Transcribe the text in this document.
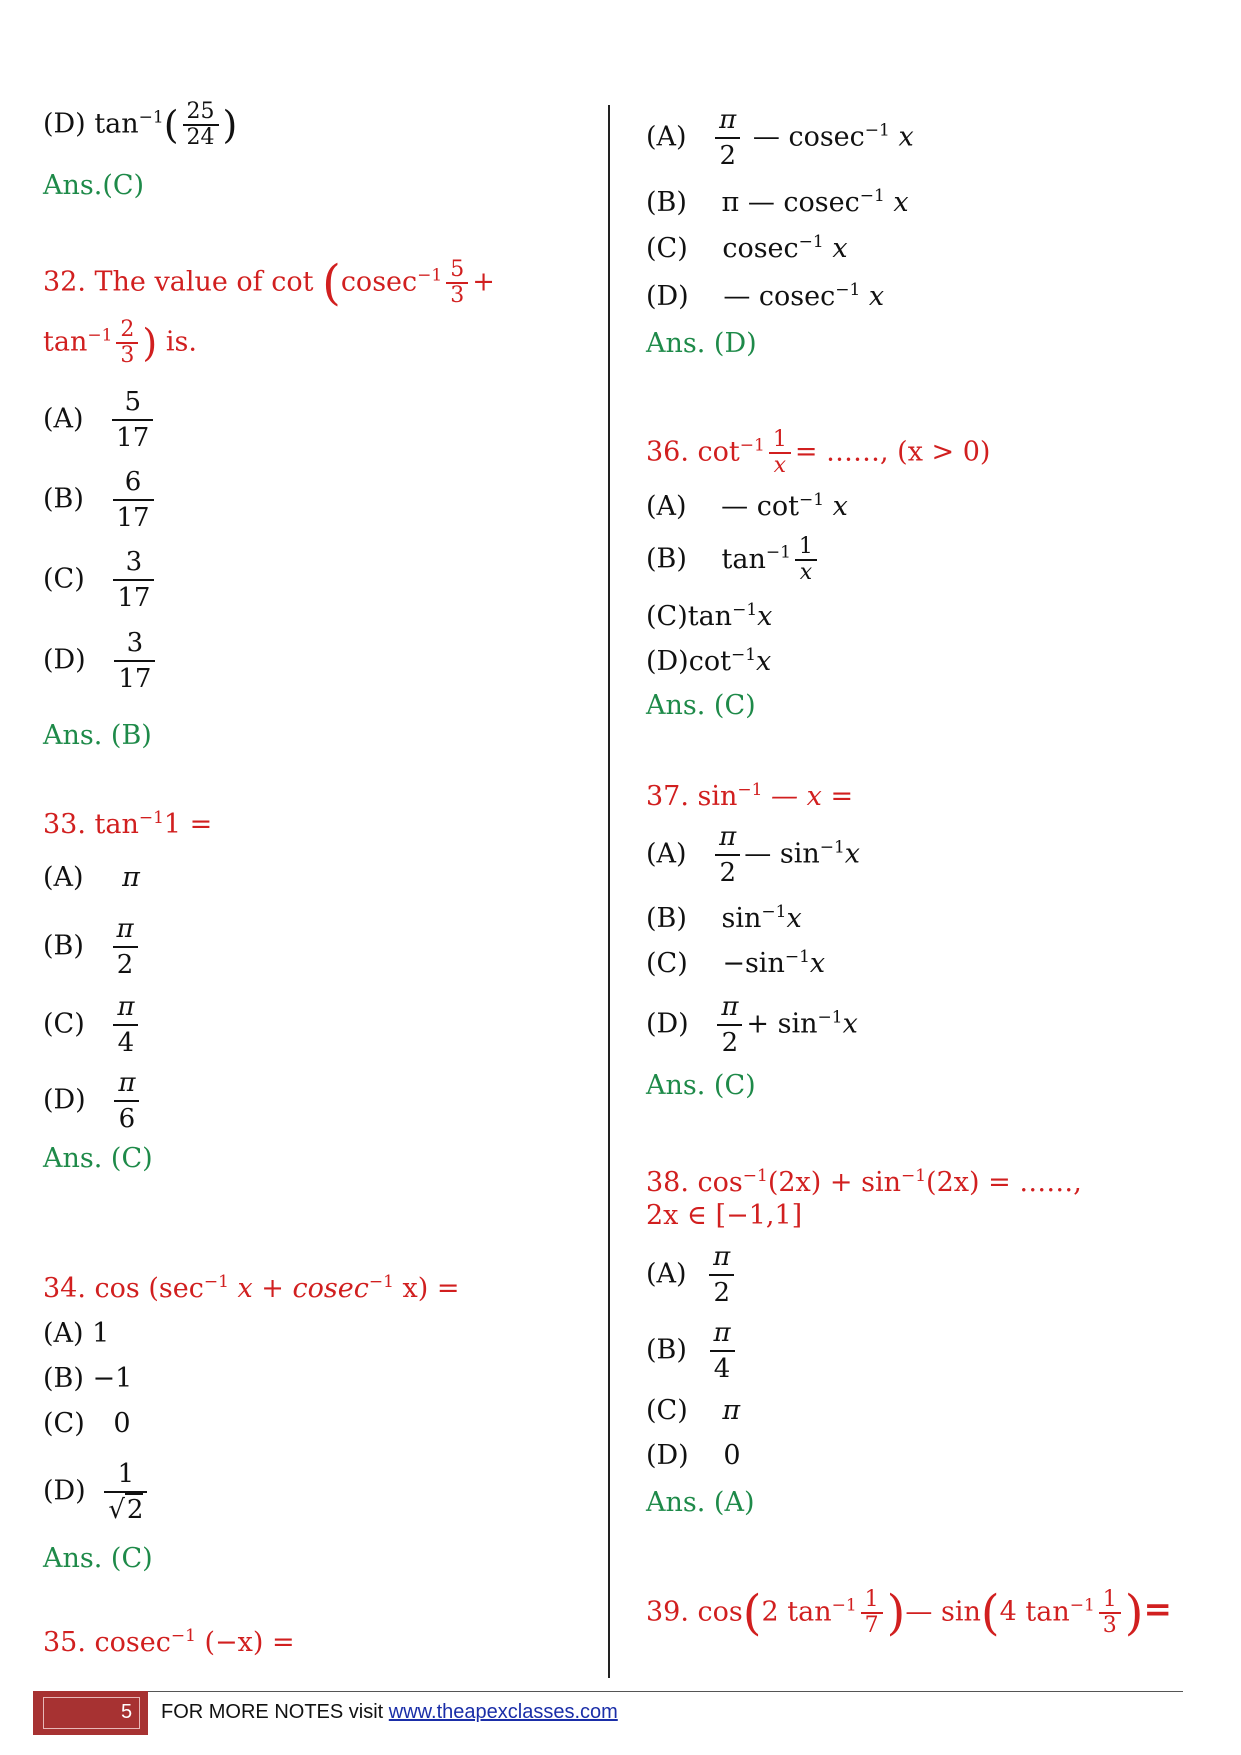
(D) $\tan^{-1}( \frac{25}{24}$ )
Ans.(C)
32. The value of $\cot (cosec^{-1} \frac{5}{3}$ +
$\tan^{-1} \frac{2}{3}$ ) is.
$(A) \frac{5}{17}$
$(B) \frac{6}{17}$
$(C) \frac{3}{17}$
$(D) \frac{3}{17}$
Ans. (B)
33. $\tan^{-1}1$ =
(A) π
$(B) \frac{\pi}{2}$
$(C) \frac{\pi}{4}$
$(D) \frac{\pi}{6}$
Ans. (C)
34. $\cos (\sec^{-1}$ x + cosec$^{-1}$ x) =
(A) 1
(B) −1
(C) 0
$(D) \frac{1}{√2}$
Ans. (C)
35. cosec$^{-1}$ (−x) =
$(A) \frac{\pi}{2}$ — cosec$^{-1}$ x
(B) π — cosec$^{-1}$ x
(C) cosec$^{-1}$ x
(D) — cosec$^{-1}$ x
Ans. (D)
36. $\cot^{-1} \frac{1}{x}$ = ……, (x > 0)
(A) — $\cot^{-1} x$
(B) $\tan^{-1} \frac{1}{x}$
$(C)\tan^{-1}x$
$(D)\cot^{-1}x$
Ans. (C)
37. $\sin^{-1}$ — x =
$(A) \frac{\pi}{2}$ — $\sin^{-1}x$
(B) $\sin^{-1}x$
$(C) -\sin^{-1}x$
$(D) \frac{\pi}{2} + \sin^{-1}x$
Ans. (C)
38. $\cos^{-1}(2x) + \sin^{-1}(2x)$ = ……,
2x ∈ [−1,1]
$(A) \frac{\pi}{2}$
$(B) \frac{\pi}{4}$
(C) π
(D) 0
Ans. (A)
39. cos(2 $\tan^{-1} \frac{1}{7}$ )— sin(4 $\tan^{-1} \frac{1}{3}$ )=
5 FOR MORE NOTES visit www.theapexclasses.com
